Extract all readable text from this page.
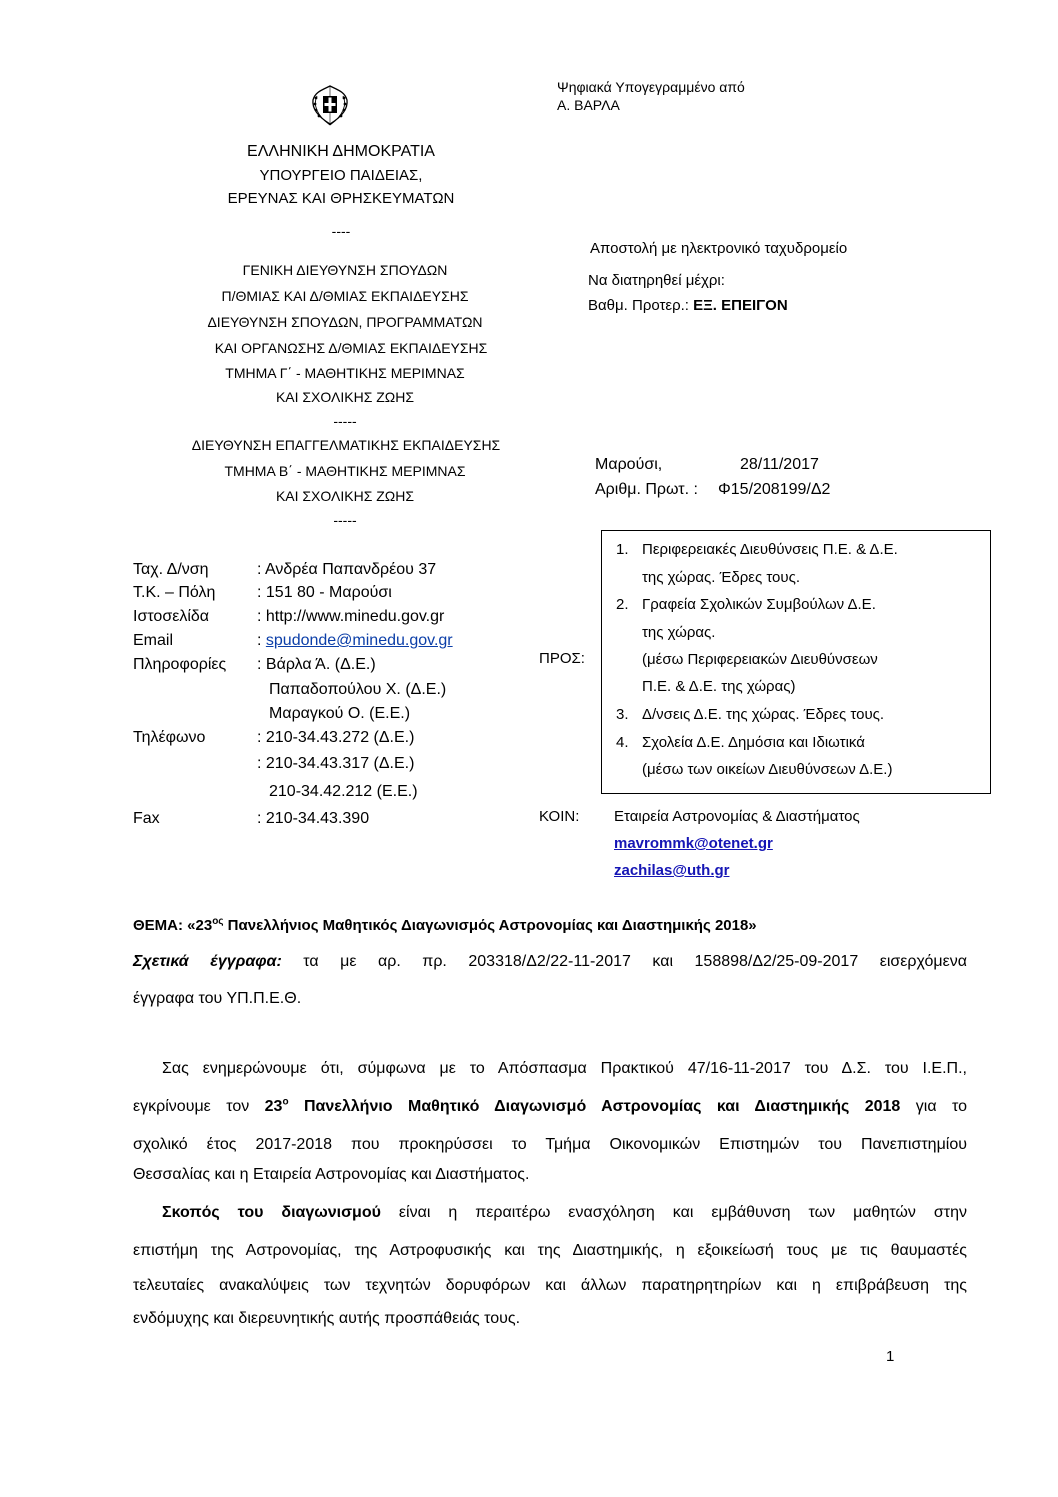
Ψηφιακά Υπογεγραμμένο από
Α. ΒΑΡΛΑ
ΕΛΛΗΝΙΚΗ ΔΗΜΟΚΡΑΤΙΑ
ΥΠΟΥΡΓΕΙΟ ΠΑΙΔΕΙΑΣ,
ΕΡΕΥΝΑΣ ΚΑΙ ΘΡΗΣΚΕΥΜΑΤΩΝ
----
ΓΕΝΙΚΗ ΔΙΕΥΘΥΝΣΗ ΣΠΟΥΔΩΝ
Π/ΘΜΙΑΣ ΚΑΙ Δ/ΘΜΙΑΣ ΕΚΠΑΙΔΕΥΣΗΣ
ΔΙΕΥΘΥΝΣΗ ΣΠΟΥΔΩΝ, ΠΡΟΓΡΑΜΜΑΤΩΝ
ΚΑΙ ΟΡΓΑΝΩΣΗΣ Δ/ΘΜΙΑΣ ΕΚΠΑΙΔΕΥΣΗΣ
ΤΜΗΜΑ Γ΄ - ΜΑΘΗΤΙΚΗΣ ΜΕΡΙΜΝΑΣ
ΚΑΙ ΣΧΟΛΙΚΗΣ ΖΩΗΣ
-----
ΔΙΕΥΘΥΝΣΗ ΕΠΑΓΓΕΛΜΑΤΙΚΗΣ ΕΚΠΑΙΔΕΥΣΗΣ
ΤΜΗΜΑ Β΄ - ΜΑΘΗΤΙΚΗΣ ΜΕΡΙΜΝΑΣ
ΚΑΙ ΣΧΟΛΙΚΗΣ ΖΩΗΣ
-----
Αποστολή με ηλεκτρονικό ταχυδρομείο
Να διατηρηθεί μέχρι:
Βαθμ. Προτερ.: ΕΞ. ΕΠΕΙΓΟΝ
Μαρούσι,	28/11/2017
Αριθμ. Πρωτ. : Φ15/208199/Δ2
Ταχ. Δ/νση	: Ανδρέα Παπανδρέου 37
Τ.Κ. – Πόλη	: 151 80 - Μαρούσι
Ιστοσελίδα	: http://www.minedu.gov.gr
Email	: spudonde@minedu.gov.gr
Πληροφορίες : Βάρλα Ά. (Δ.Ε.)
Παπαδοπούλου Χ. (Δ.Ε.)
Μαραγκού Ο. (Ε.Ε.)
Τηλέφωνο	: 210-34.43.272 (Δ.Ε.)
: 210-34.43.317 (Δ.Ε.)
210-34.42.212 (Ε.Ε.)
Fax	: 210-34.43.390
ΠΡΟΣ:
1. Περιφερειακές Διευθύνσεις Π.Ε. & Δ.Ε.
της χώρας. Έδρες τους.
2. Γραφεία Σχολικών Συμβούλων Δ.Ε.
της χώρας.
(μέσω Περιφερειακών Διευθύνσεων
Π.Ε. & Δ.Ε. της χώρας)
3. Δ/νσεις Δ.Ε. της χώρας. Έδρες τους.
4. Σχολεία Δ.Ε. Δημόσια και Ιδιωτικά
(μέσω των οικείων Διευθύνσεων Δ.Ε.)
ΚΟΙΝ: Εταιρεία Αστρονομίας & Διαστήματος
mavrommk@otenet.gr
zachilas@uth.gr
ΘΕΜΑ: «$23^{o\varsigma}$ Πανελλήνιος Μαθητικός Διαγωνισμός Αστρονομίας και Διαστημικής 2018»
Σχετικά έγγραφα: τα με αρ. πρ. 203318/Δ2/22-11-2017 και 158898/Δ2/25-09-2017 εισερχόμενα
έγγραφα του ΥΠ.Π.Ε.Θ.
Σας ενημερώνουμε ότι, σύμφωνα με το Απόσπασμα Πρακτικού 47/16-11-2017 του Δ.Σ. του Ι.Ε.Π.,
εγκρίνουμε τον $23^o$ Πανελλήνιο Μαθητικό Διαγωνισμό Αστρονομίας και Διαστημικής 2018 για το
σχολικό έτος 2017-2018 που προκηρύσσει το Τμήμα Οικονομικών Επιστημών του Πανεπιστημίου
Θεσσαλίας και η Εταιρεία Αστρονομίας και Διαστήματος.
Σκοπός του διαγωνισμού είναι η περαιτέρω ενασχόληση και εμβάθυνση των μαθητών στην
επιστήμη της Αστρονομίας, της Αστροφυσικής και της Διαστημικής, η εξοικείωσή τους με τις θαυμαστές
τελευταίες ανακαλύψεις των τεχνητών δορυφόρων και άλλων παρατηρητηρίων και η επιβράβευση της
ενδόμυχης και διερευνητικής αυτής προσπάθειάς τους.
1
